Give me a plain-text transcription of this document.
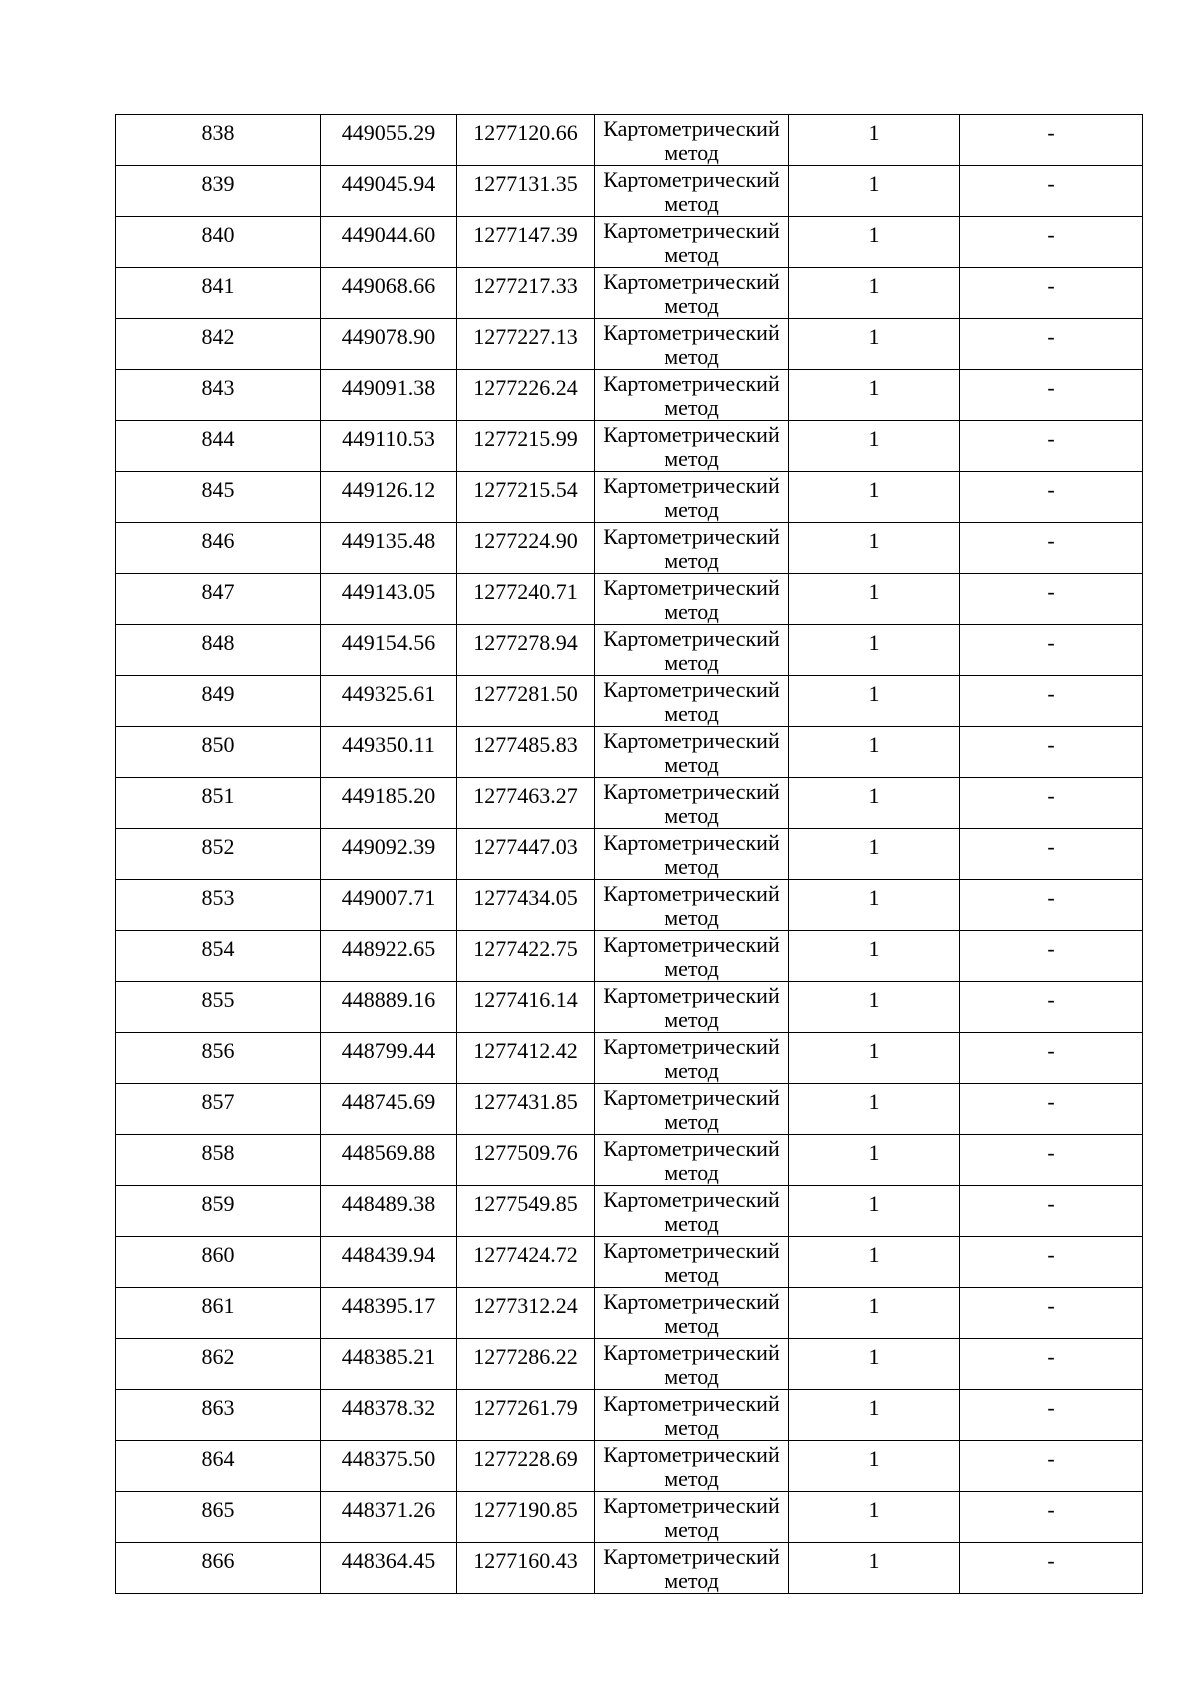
838	449055.29	1277120.66	Картометрический
метод	1	-
839	449045.94	1277131.35	Картометрический
метод	1	-
840	449044.60	1277147.39	Картометрический
метод	1	-
841	449068.66	1277217.33	Картометрический
метод	1	-
842	449078.90	1277227.13	Картометрический
метод	1	-
843	449091.38	1277226.24	Картометрический
метод	1	-
844	449110.53	1277215.99	Картометрический
метод	1	-
845	449126.12	1277215.54	Картометрический
метод	1	-
846	449135.48	1277224.90	Картометрический
метод	1	-
847	449143.05	1277240.71	Картометрический
метод	1	-
848	449154.56	1277278.94	Картометрический
метод	1	-
849	449325.61	1277281.50	Картометрический
метод	1	-
850	449350.11	1277485.83	Картометрический
метод	1	-
851	449185.20	1277463.27	Картометрический
метод	1	-
852	449092.39	1277447.03	Картометрический
метод	1	-
853	449007.71	1277434.05	Картометрический
метод	1	-
854	448922.65	1277422.75	Картометрический
метод	1	-
855	448889.16	1277416.14	Картометрический
метод	1	-
856	448799.44	1277412.42	Картометрический
метод	1	-
857	448745.69	1277431.85	Картометрический
метод	1	-
858	448569.88	1277509.76	Картометрический
метод	1	-
859	448489.38	1277549.85	Картометрический
метод	1	-
860	448439.94	1277424.72	Картометрический
метод	1	-
861	448395.17	1277312.24	Картометрический
метод	1	-
862	448385.21	1277286.22	Картометрический
метод	1	-
863	448378.32	1277261.79	Картометрический
метод	1	-
864	448375.50	1277228.69	Картометрический
метод	1	-
865	448371.26	1277190.85	Картометрический
метод	1	-
866	448364.45	1277160.43	Картометрический
метод	1	-
